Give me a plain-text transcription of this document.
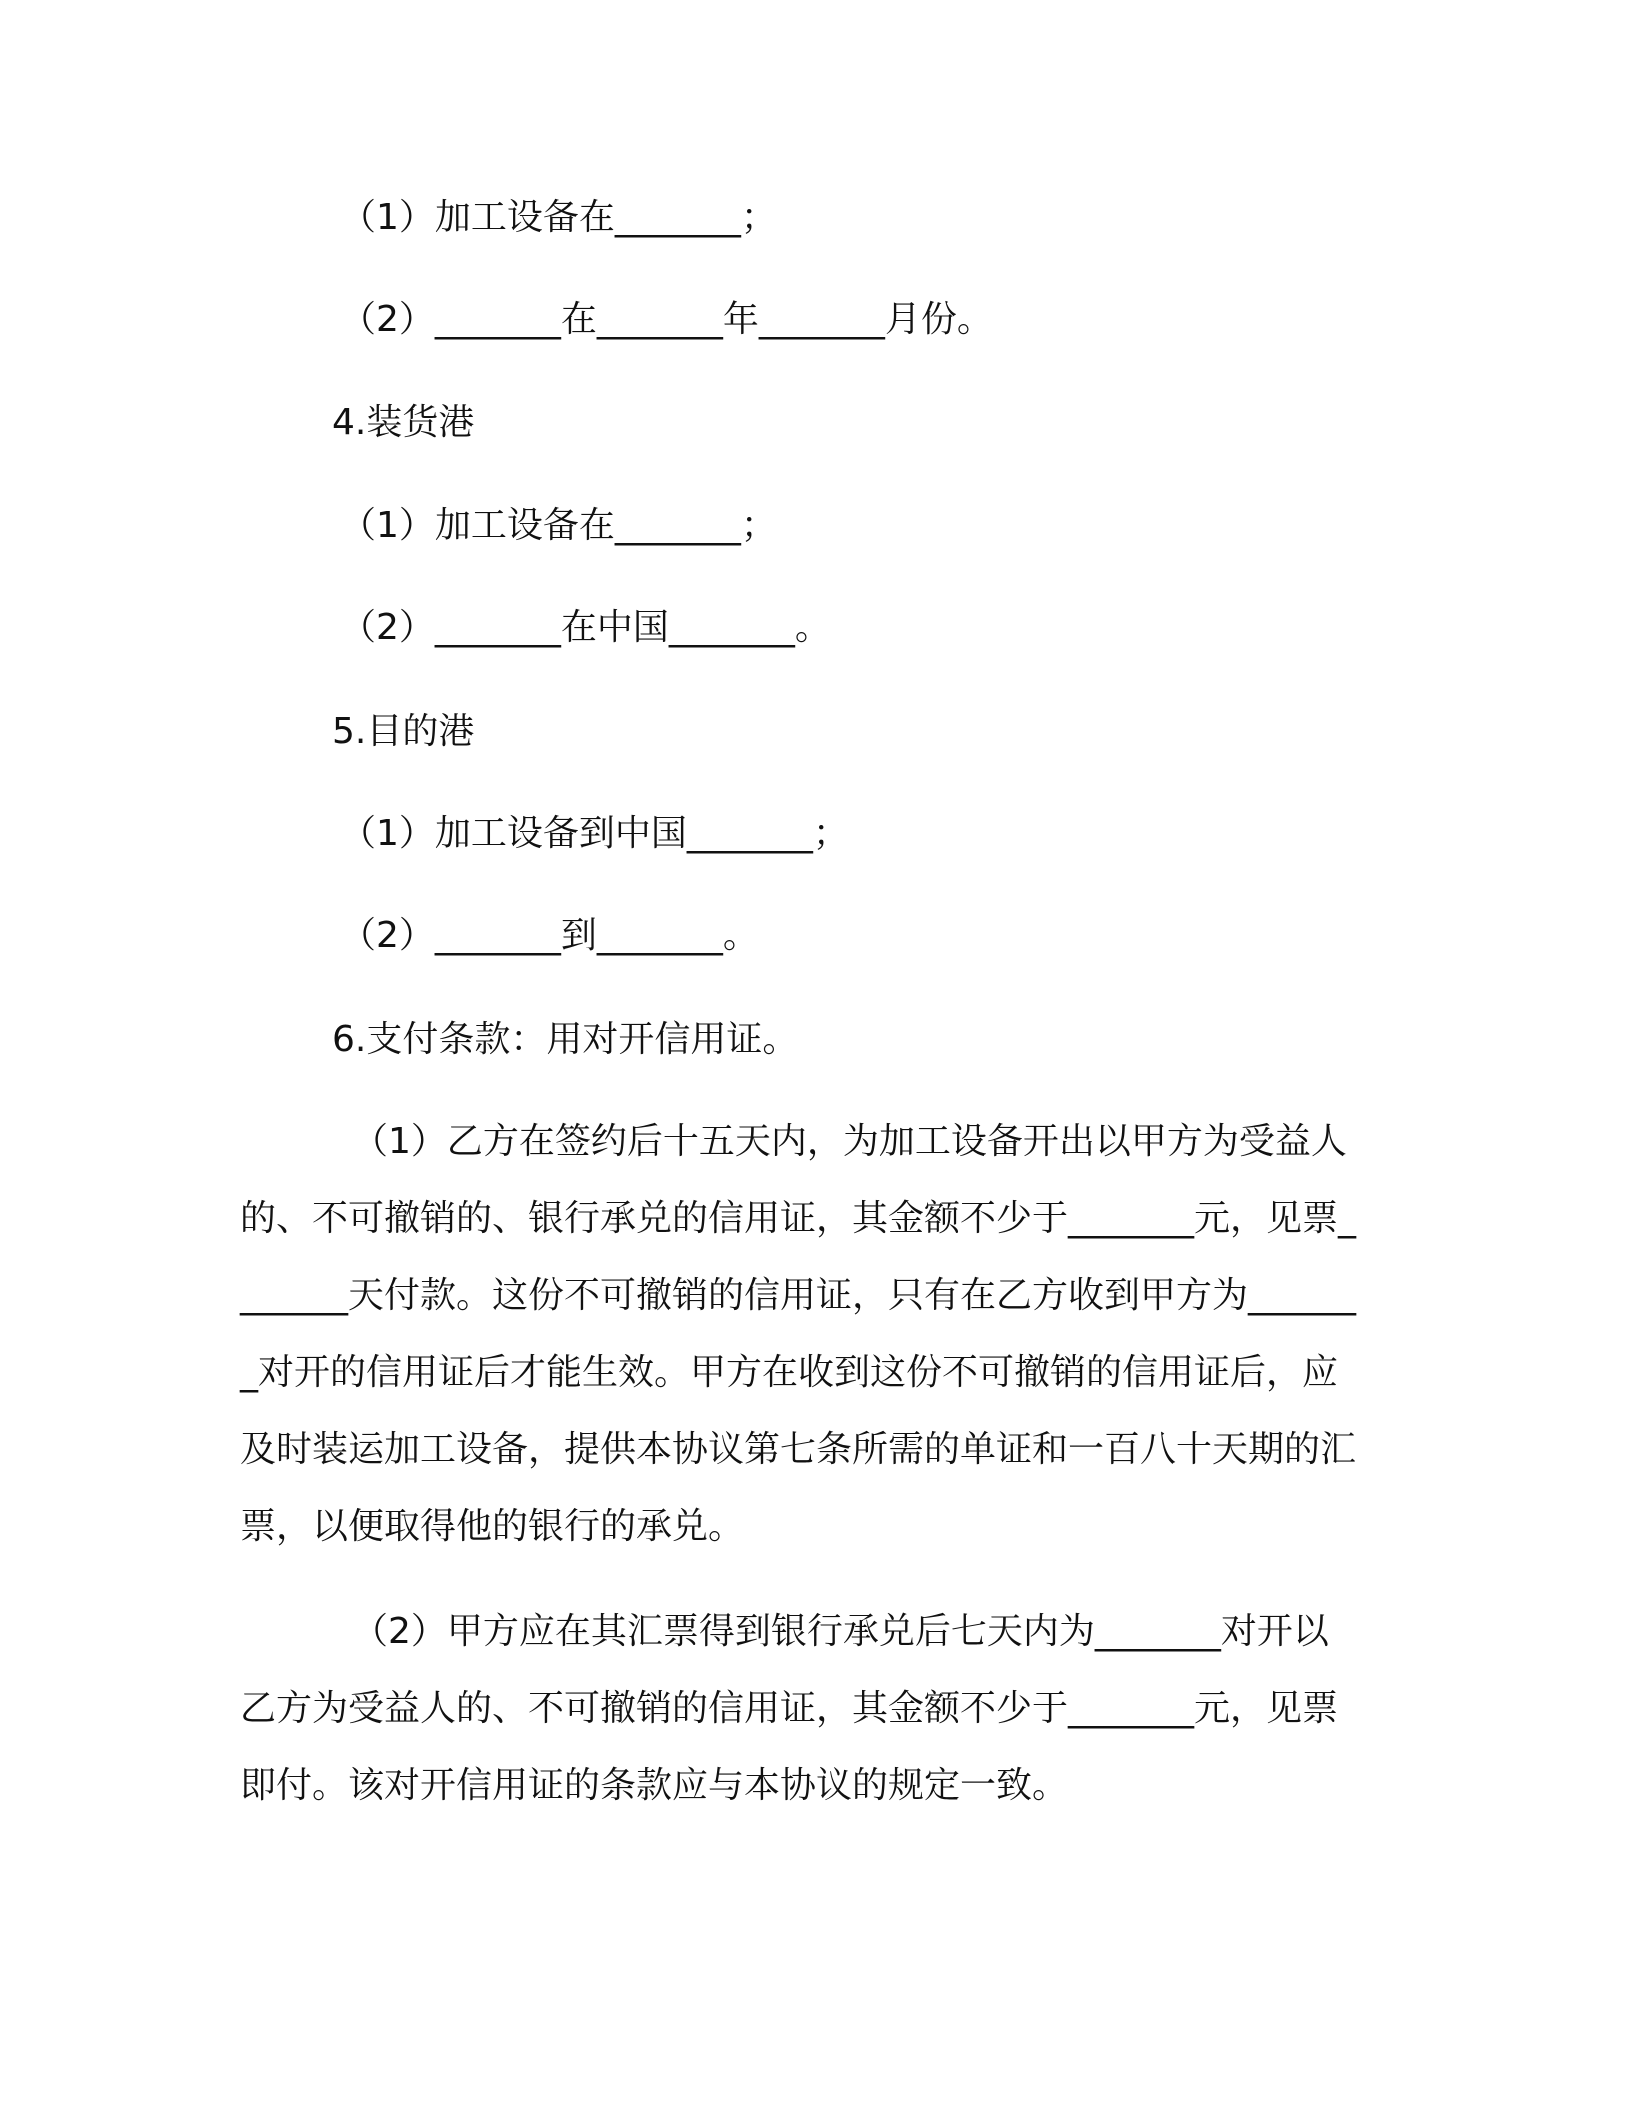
（1）加工设备在_______；
（2）_______在_______年_______月份。
4.装货港
（1）加工设备在_______；
（2）_______在中国_______。
5.目的港
（1）加工设备到中国_______；
（2）_______到_______。
6.支付条款：用对开信用证。
（1）乙方在签约后十五天内，为加工设备开出以甲方为受益人的、不可撤销的、银行承兑的信用证，其金额不少于_______元，见票_______天付款。这份不可撤销的信用证，只有在乙方收到甲方为_______对开的信用证后才能生效。甲方在收到这份不可撤销的信用证后，应及时装运加工设备，提供本协议第七条所需的单证和一百八十天期的汇票，以便取得他的银行的承兑。
（2）甲方应在其汇票得到银行承兑后七天内为_______对开以乙方为受益人的、不可撤销的信用证，其金额不少于_______元，见票即付。该对开信用证的条款应与本协议的规定一致。
